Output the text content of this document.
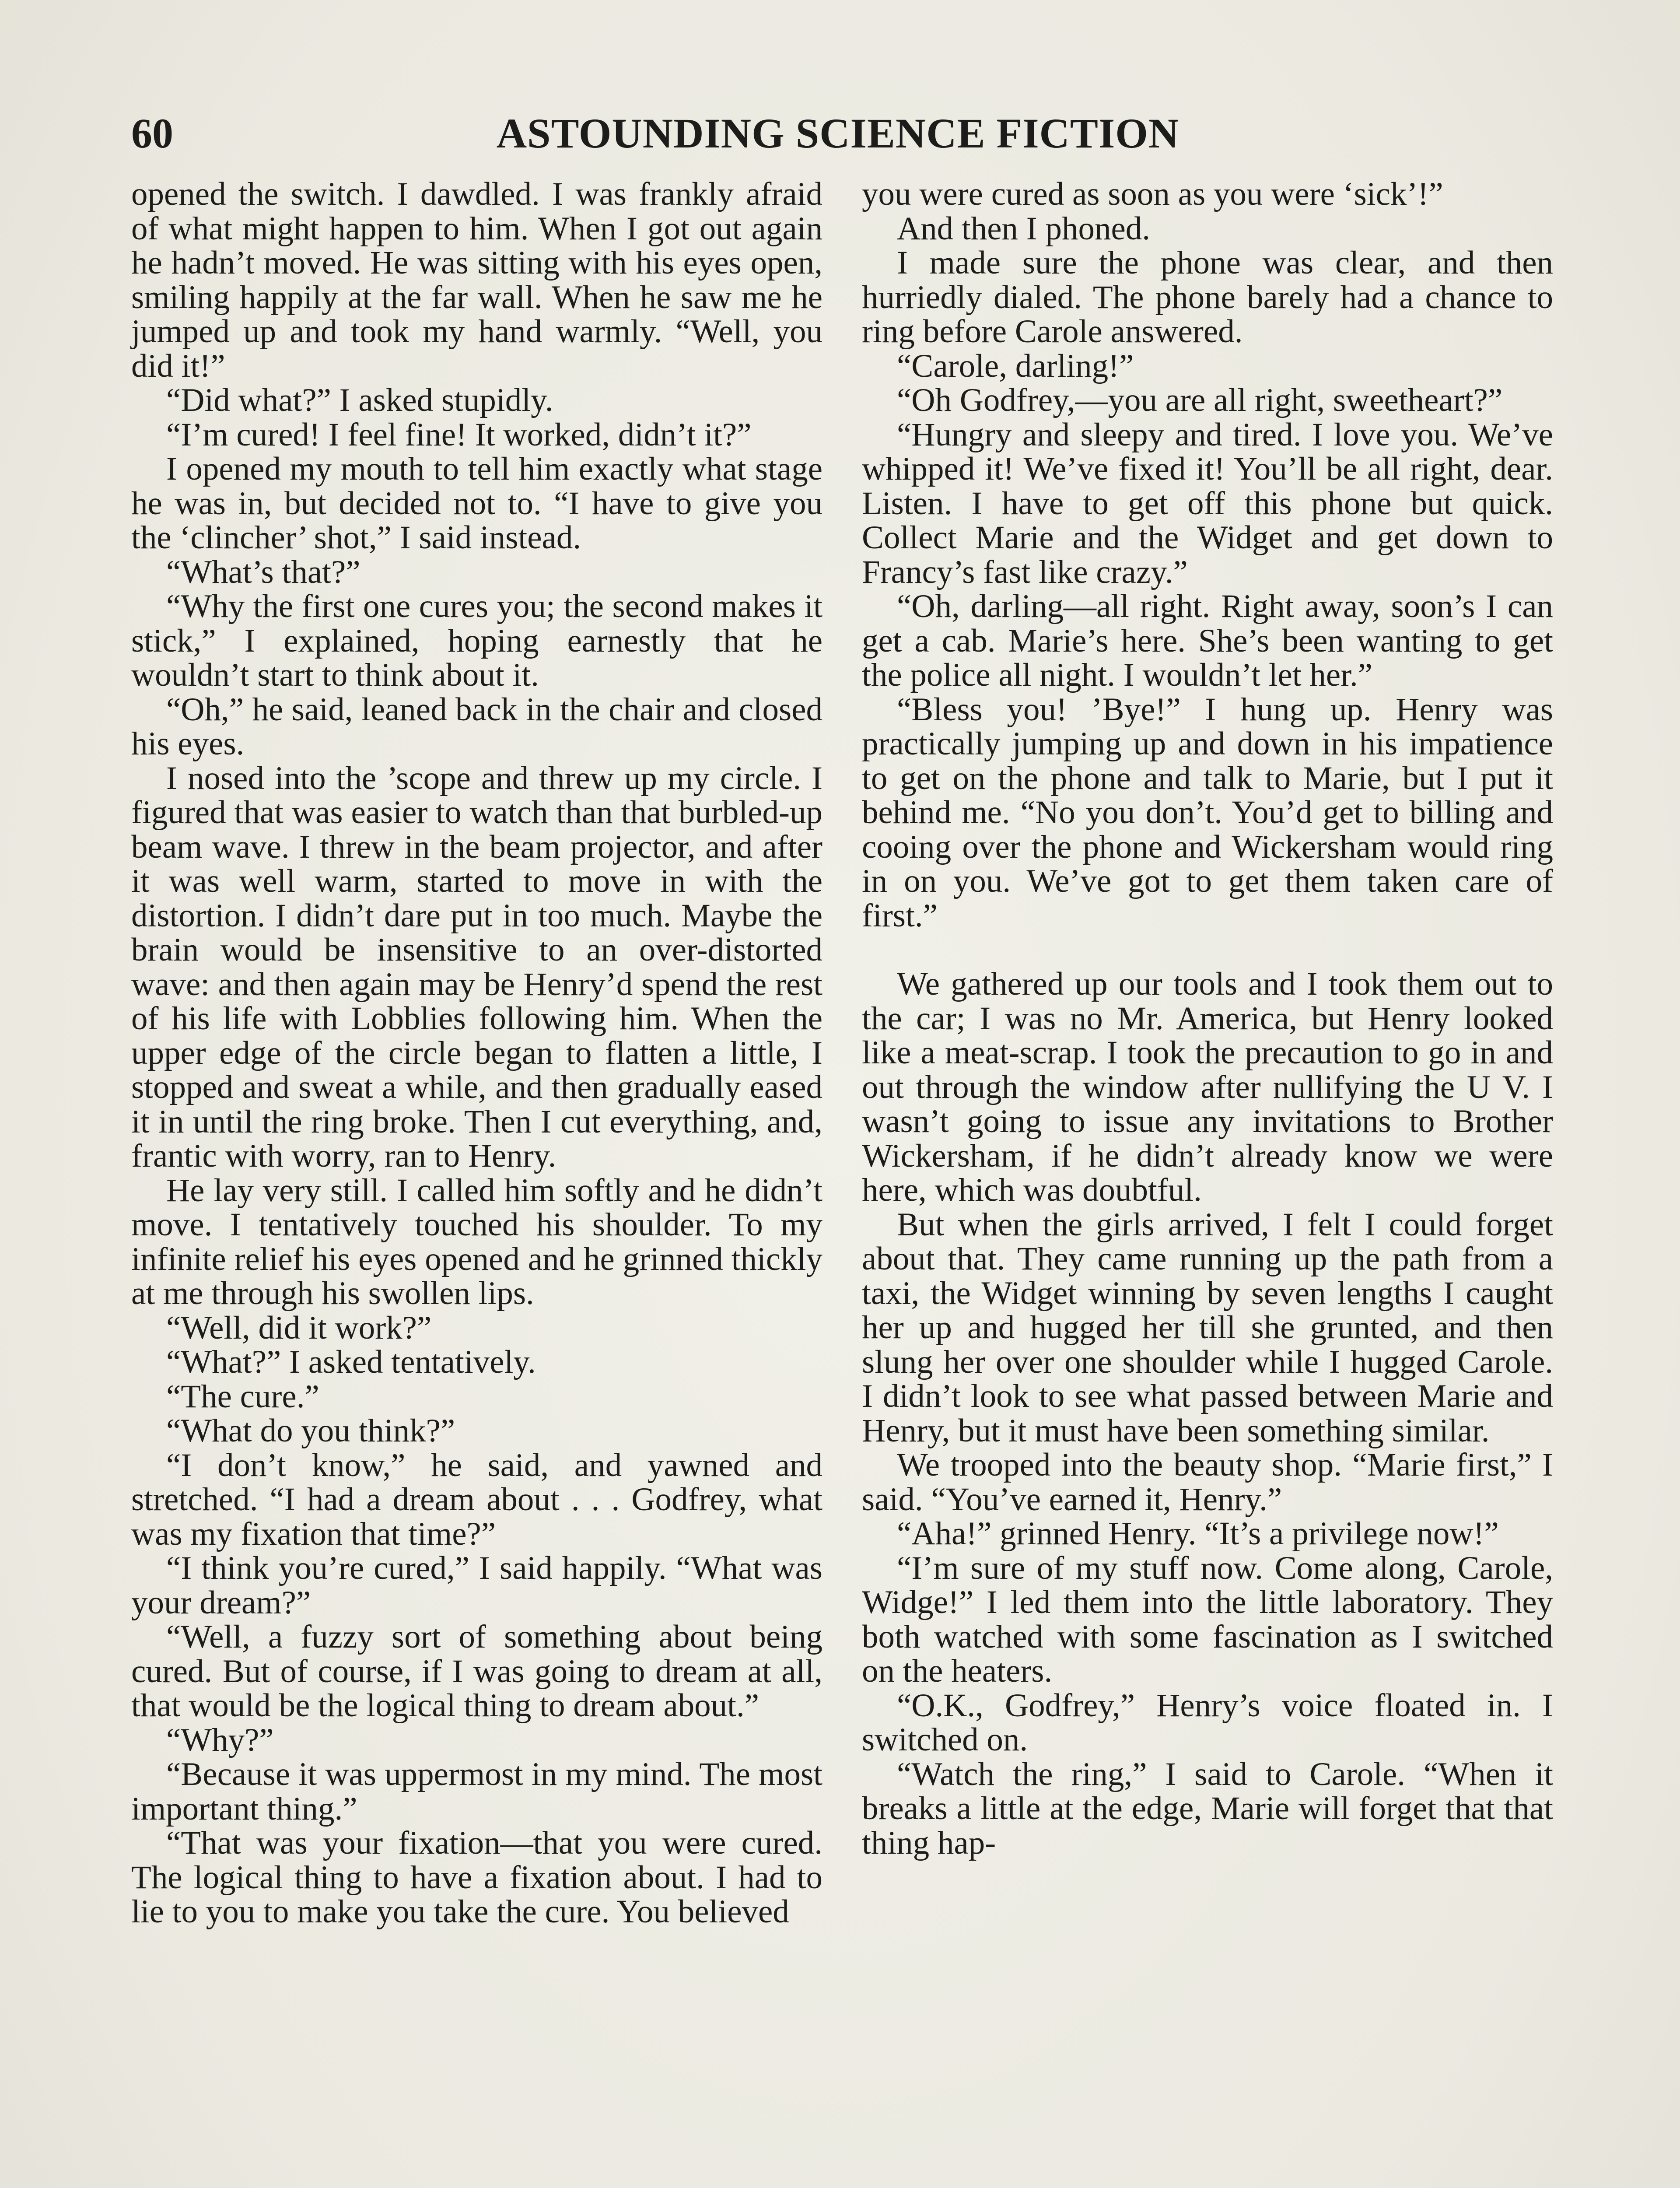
60	ASTOUNDING SCIENCE FICTION

opened the switch. I dawdled. I was frankly afraid of what might happen to him. When I got out again he hadn’t moved. He was sitting with his eyes open, smiling happily at the far wall. When he saw me he jumped up and took my hand warmly. “Well, you did it!”

“Did what?” I asked stupidly.

“I’m cured! I feel fine! It worked, didn’t it?”

I opened my mouth to tell him exactly what stage he was in, but decided not to. “I have to give you the ‘clincher’ shot,” I said instead.

“What’s that?”

“Why the first one cures you; the second makes it stick,” I explained, hoping earnestly that he wouldn’t start to think about it.

“Oh,” he said, leaned back in the chair and closed his eyes.

I nosed into the ’scope and threw up my circle. I figured that was easier to watch than that burbled-up beam wave. I threw in the beam projector, and after it was well warm, started to move in with the distortion. I didn’t dare put in too much. Maybe the brain would be insensitive to an over-distorted wave: and then again may be Henry’d spend the rest of his life with Lobblies following him. When the upper edge of the circle began to flatten a little, I stopped and sweat a while, and then gradually eased it in until the ring broke. Then I cut everything, and, frantic with worry, ran to Henry.

He lay very still. I called him softly and he didn’t move. I tentatively touched his shoulder. To my infinite relief his eyes opened and he grinned thickly at me through his swollen lips.

“Well, did it work?”

“What?” I asked tentatively.

“The cure.”

“What do you think?”

“I don’t know,” he said, and yawned and stretched. “I had a dream about . . . Godfrey, what was my fixation that time?”

“I think you’re cured,” I said happily. “What was your dream?”

“Well, a fuzzy sort of something about being cured. But of course, if I was going to dream at all, that would be the logical thing to dream about.”

“Why?”

“Because it was uppermost in my mind. The most important thing.”

“That was your fixation—that you were cured. The logical thing to have a fixation about. I had to lie to you to make you take the cure. You believed

you were cured as soon as you were ‘sick’!”

And then I phoned.

I made sure the phone was clear, and then hurriedly dialed. The phone barely had a chance to ring before Carole answered.

“Carole, darling!”

“Oh Godfrey,—you are all right, sweetheart?”

“Hungry and sleepy and tired. I love you. We’ve whipped it! We’ve fixed it! You’ll be all right, dear. Listen. I have to get off this phone but quick. Collect Marie and the Widget and get down to Francy’s fast like crazy.”

“Oh, darling—all right. Right away, soon’s I can get a cab. Marie’s here. She’s been wanting to get the police all night. I wouldn’t let her.”

“Bless you! ’Bye!” I hung up. Henry was practically jumping up and down in his impatience to get on the phone and talk to Marie, but I put it behind me. “No you don’t. You’d get to billing and cooing over the phone and Wickersham would ring in on you. We’ve got to get them taken care of first.”

We gathered up our tools and I took them out to the car; I was no Mr. America, but Henry looked like a meat-scrap. I took the precaution to go in and out through the window after nullifying the U V. I wasn’t going to issue any invitations to Brother Wickersham, if he didn’t already know we were here, which was doubtful.

But when the girls arrived, I felt I could forget about that. They came running up the path from a taxi, the Widget winning by seven lengths I caught her up and hugged her till she grunted, and then slung her over one shoulder while I hugged Carole. I didn’t look to see what passed between Marie and Henry, but it must have been something similar.

We trooped into the beauty shop. “Marie first,” I said. “You’ve earned it, Henry.”

“Aha!” grinned Henry. “It’s a privilege now!”

“I’m sure of my stuff now. Come along, Carole, Widge!” I led them into the little laboratory. They both watched with some fascination as I switched on the heaters.

“O.K., Godfrey,” Henry’s voice floated in. I switched on.

“Watch the ring,” I said to Carole. “When it breaks a little at the edge, Marie will forget that that thing hap-
